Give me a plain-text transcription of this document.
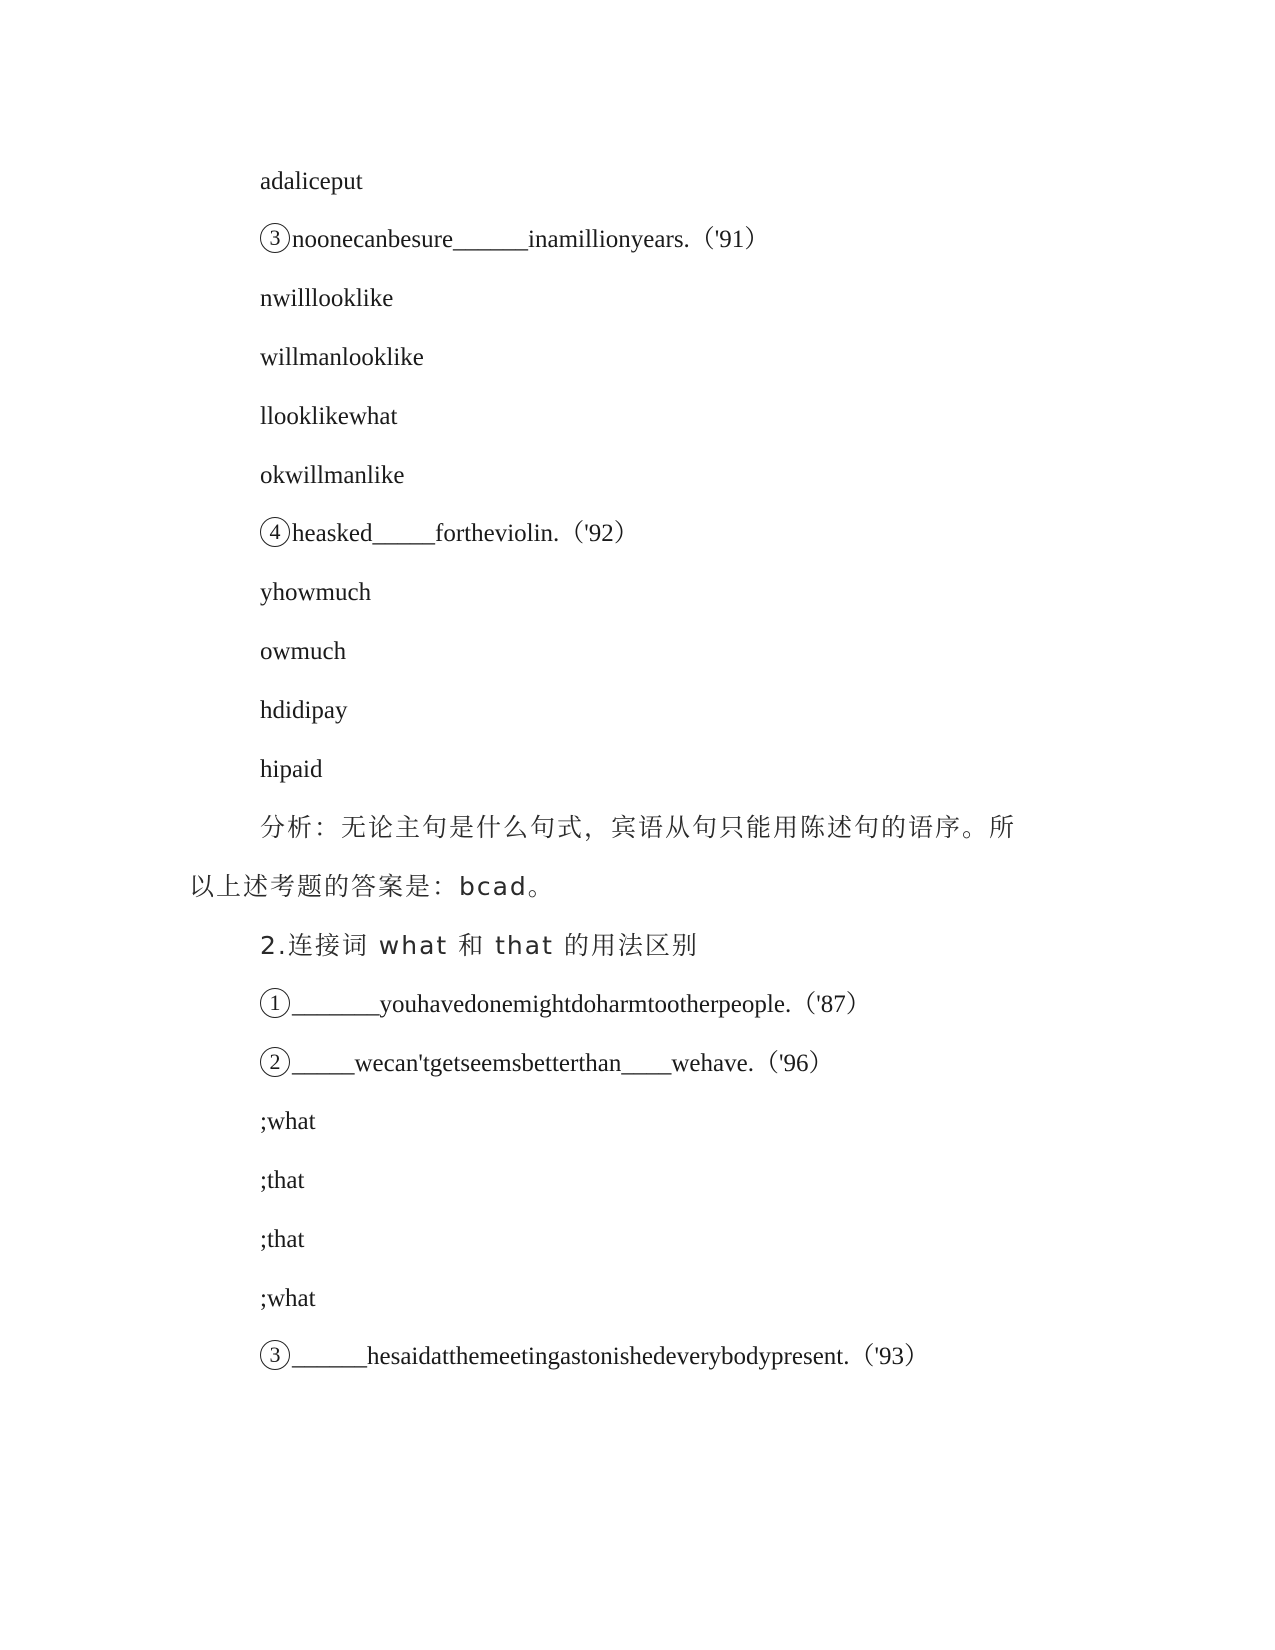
adaliceput
3 noonecanbesure______inamillionyears.（'91）
nwilllooklike
willmanlooklike
llooklikewhat
okwillmanlike
4 heasked_____fortheviolin.（'92）
yhowmuch
owmuch
hdidipay
hipaid
分析：无论主句是什么句式，宾语从句只能用陈述句的语序。所
以上述考题的答案是：bcad。
2.连接词 what 和 that 的用法区别
1 _______youhavedonemightdoharmtootherpeople.（'87）
2 _____wecan'tgetseemsbetterthan____wehave.（'96）
;what
;that
;that
;what
3 ______hesaidatthemeetingastonishedeverybodypresent.（'93）
